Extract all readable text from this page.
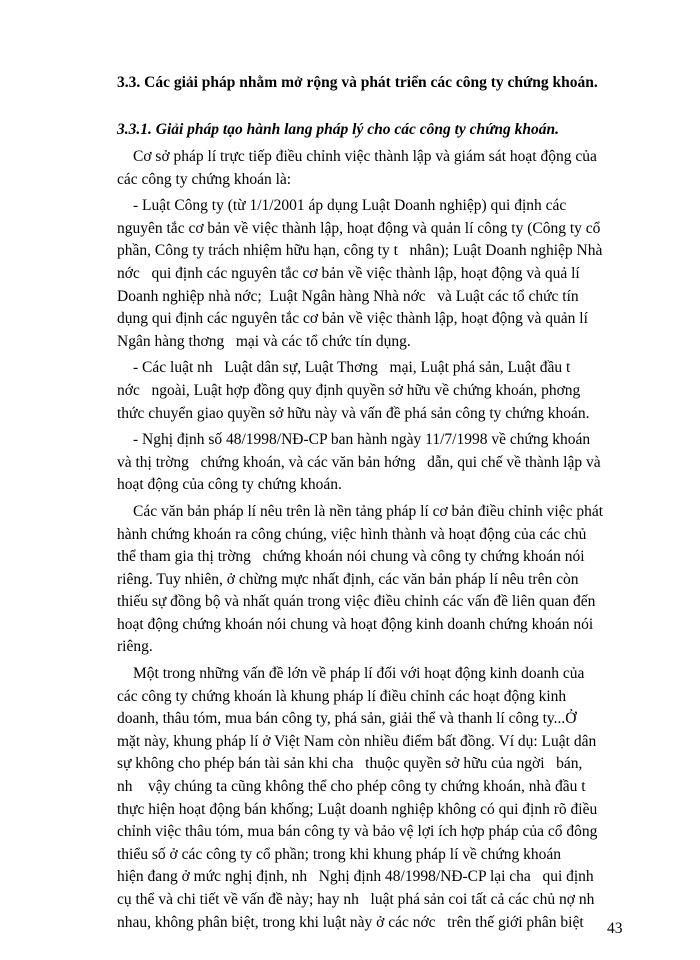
3.3. Các giải pháp nhằm mở rộng và phát triển các công ty chứng khoán.
3.3.1. Giải pháp tạo hành lang pháp lý cho các công ty chứng khoán.
Cơ sở pháp lí trực tiếp điều chỉnh việc thành lập và giám sát hoạt động của
các công ty chứng khoán là:
- Luật Công ty (từ 1/1/2001 áp dụng Luật Doanh nghiệp) qui định các
nguyên tắc cơ bản về việc thành lập, hoạt động và quản lí công ty (Công ty cổ
phần, Công ty trách nhiệm hữu hạn, công ty t   nhân); Luật Doanh nghiệp Nhà
nớc   qui định các nguyên tắc cơ bản về việc thành lập, hoạt động và quả lí
Doanh nghiệp nhà nớc;  Luật Ngân hàng Nhà nớc   và Luật các tổ chức tín
dụng qui định các nguyên tắc cơ bản về việc thành lập, hoạt động và quản lí
Ngân hàng thơng   mại và các tổ chức tín dụng.
- Các luật nh   Luật dân sự, Luật Thơng   mại, Luật phá sản, Luật đầu t
nớc   ngoài, Luật hợp đồng quy định quyền sở hữu về chứng khoán, phơng
thức chuyển giao quyền sở hữu này và vấn đề phá sản công ty chứng khoán.
- Nghị định số 48/1998/NĐ-CP ban hành ngày 11/7/1998 về chứng khoán
và thị trờng   chứng khoán, và các văn bản hớng   dẫn, qui chế về thành lập và
hoạt động của công ty chứng khoán.
Các văn bản pháp lí nêu trên là nền tảng pháp lí cơ bản điều chỉnh việc phát
hành chứng khoán ra công chúng, việc hình thành và hoạt động của các chủ
thể tham gia thị trờng   chứng khoán nói chung và công ty chứng khoán nói
riêng. Tuy nhiên, ở chừng mực nhất định, các văn bản pháp lí nêu trên còn
thiếu sự đồng bộ và nhất quán trong việc điều chỉnh các vấn đề liên quan đến
hoạt động chứng khoán nói chung và hoạt động kinh doanh chứng khoán nói
riêng.
Một trong những vấn đề lớn về pháp lí đối với hoạt động kinh doanh của
các công ty chứng khoán là khung pháp lí điều chỉnh các hoạt động kinh
doanh, thâu tóm, mua bán công ty, phá sản, giải thể và thanh lí công ty...Ở
mặt này, khung pháp lí ở Việt Nam còn nhiều điểm bất đồng. Ví dụ: Luật dân
sự không cho phép bán tài sản khi cha   thuộc quyền sở hữu của ngời   bán,
nh    vậy chúng ta cũng không thể cho phép công ty chứng khoán, nhà đầu t
thực hiện hoạt động bán khống; Luật doanh nghiệp không có qui định rõ điều
chỉnh việc thâu tóm, mua bán công ty và bảo vệ lợi ích hợp pháp của cổ đông
thiểu số ở các công ty cổ phần; trong khi khung pháp lí về chứng khoán
hiện đang ở mức nghị định, nh   Nghị định 48/1998/NĐ-CP lại cha   qui định
cụ thể và chi tiết về vấn đề này; hay nh   luật phá sản coi tất cả các chủ nợ nh
nhau, không phân biệt, trong khi luật này ở các nớc   trên thế giới phân biệt	43
